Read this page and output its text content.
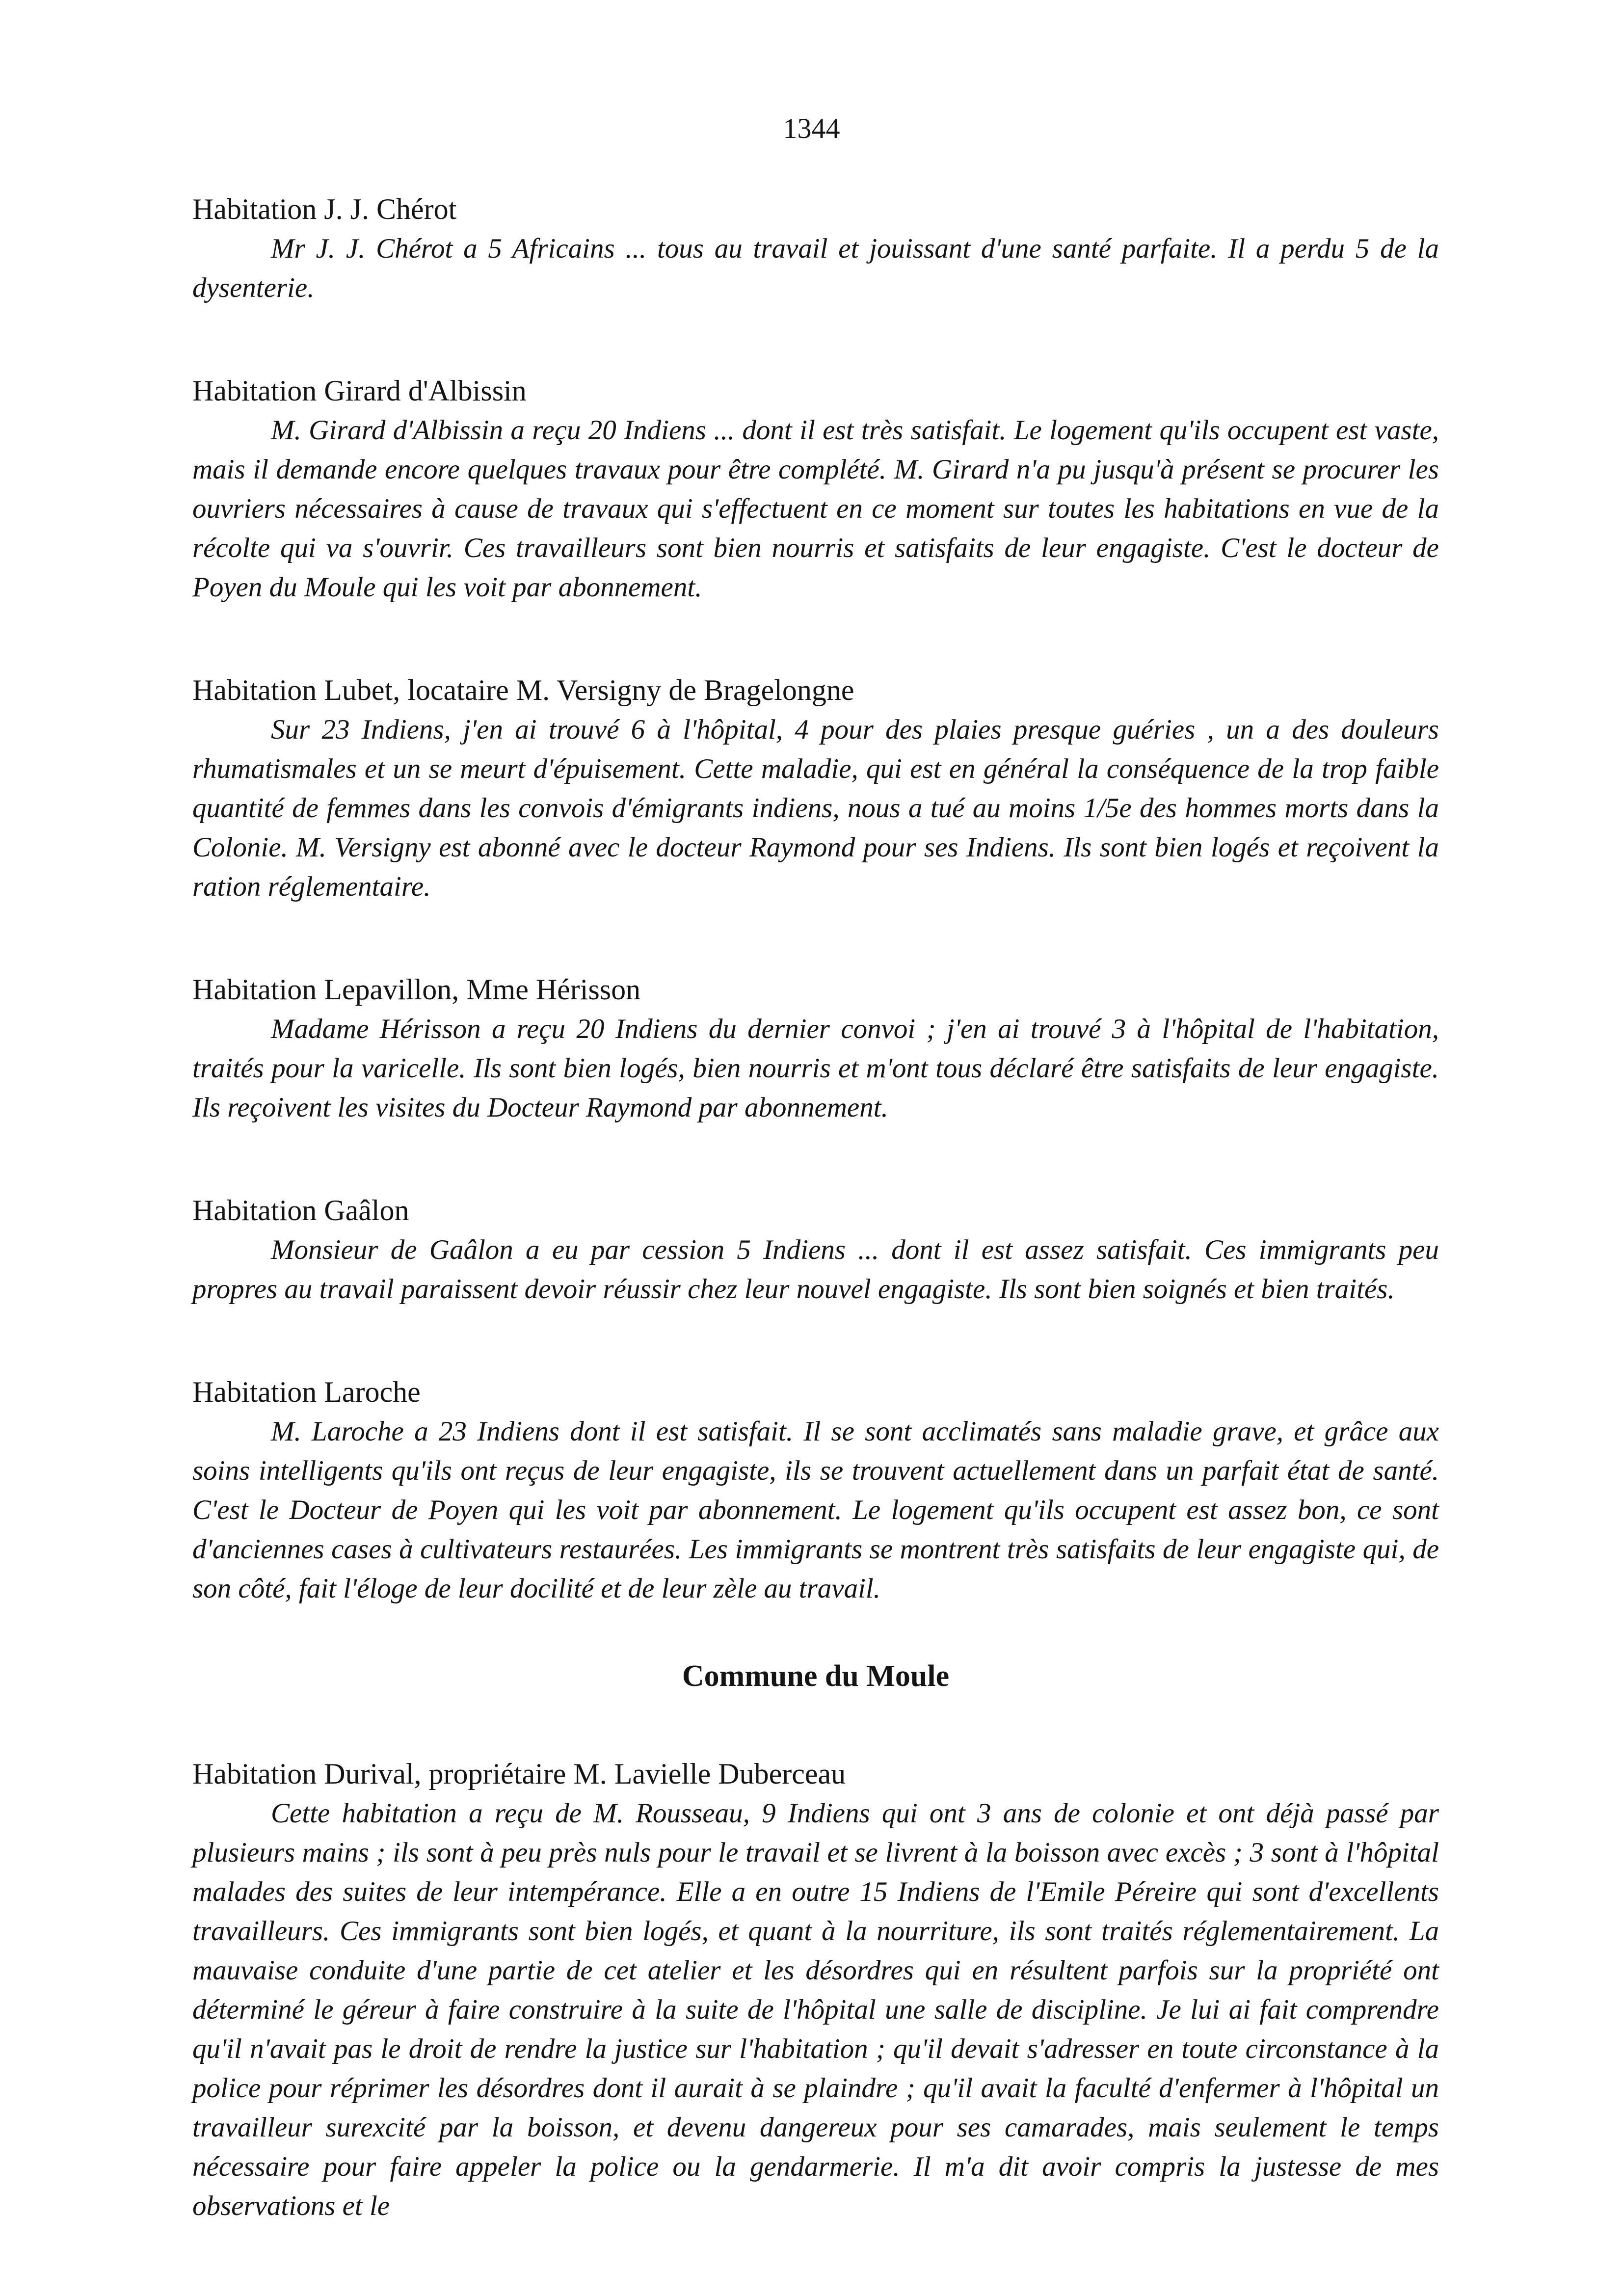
1344
Habitation J. J. Chérot
Mr J. J. Chérot a 5 Africains ... tous au travail et jouissant d'une santé parfaite. Il a perdu 5 de la dysenterie.
Habitation Girard d'Albissin
M. Girard d'Albissin a reçu 20 Indiens ... dont il est très satisfait. Le logement qu'ils occupent est vaste, mais il demande encore quelques travaux pour être complété. M. Girard n'a pu jusqu'à présent se procurer les ouvriers nécessaires à cause de travaux qui s'effectuent en ce moment sur toutes les habitations en vue de la récolte qui va s'ouvrir. Ces travailleurs sont bien nourris et satisfaits de leur engagiste. C'est le docteur de Poyen du Moule qui les voit par abonnement.
Habitation Lubet, locataire M. Versigny de Bragelongne
Sur 23 Indiens, j'en ai trouvé 6 à l'hôpital, 4 pour des plaies presque guéries , un a des douleurs rhumatismales et un se meurt d'épuisement. Cette maladie, qui est en général la conséquence de la trop faible quantité de femmes dans les convois d'émigrants indiens, nous a tué au moins 1/5e des hommes morts dans la Colonie. M. Versigny est abonné avec le docteur Raymond pour ses Indiens. Ils sont bien logés et reçoivent la ration réglementaire.
Habitation Lepavillon, Mme Hérisson
Madame Hérisson a reçu 20 Indiens du dernier convoi ; j'en ai trouvé 3 à l'hôpital de l'habitation, traités pour la varicelle. Ils sont bien logés, bien nourris et m'ont tous déclaré être satisfaits de leur engagiste. Ils reçoivent les visites du Docteur Raymond par abonnement.
Habitation Gaâlon
Monsieur de Gaâlon a eu par cession 5 Indiens ... dont il est assez satisfait. Ces immigrants peu propres au travail paraissent devoir réussir chez leur nouvel engagiste. Ils sont bien soignés et bien traités.
Habitation Laroche
M. Laroche a 23 Indiens dont il est satisfait. Il se sont acclimatés sans maladie grave, et grâce aux soins intelligents qu'ils ont reçus de leur engagiste, ils se trouvent actuellement dans un parfait état de santé. C'est le Docteur de Poyen qui les voit par abonnement. Le logement qu'ils occupent est assez bon, ce sont d'anciennes cases à cultivateurs restaurées. Les immigrants se montrent très satisfaits de leur engagiste qui, de son côté, fait l'éloge de leur docilité et de leur zèle au travail.
Commune du Moule
Habitation Durival, propriétaire M. Lavielle Duberceau
Cette habitation a reçu de M. Rousseau, 9 Indiens qui ont 3 ans de colonie et ont déjà passé par plusieurs mains ; ils sont à peu près nuls pour le travail et se livrent à la boisson avec excès ; 3 sont à l'hôpital malades des suites de leur intempérance. Elle a en outre 15 Indiens de l'Emile Péreire qui sont d'excellents travailleurs. Ces immigrants sont bien logés, et quant à la nourriture, ils sont traités réglementairement. La mauvaise conduite d'une partie de cet atelier et les désordres qui en résultent parfois sur la propriété ont déterminé le géreur à faire construire à la suite de l'hôpital une salle de discipline. Je lui ai fait comprendre qu'il n'avait pas le droit de rendre la justice sur l'habitation ; qu'il devait s'adresser en toute circonstance à la police pour réprimer les désordres dont il aurait à se plaindre ; qu'il avait la faculté d'enfermer à l'hôpital un travailleur surexcité par la boisson, et devenu dangereux pour ses camarades, mais seulement le temps nécessaire pour faire appeler la police ou la gendarmerie. Il m'a dit avoir compris la justesse de mes observations et le
